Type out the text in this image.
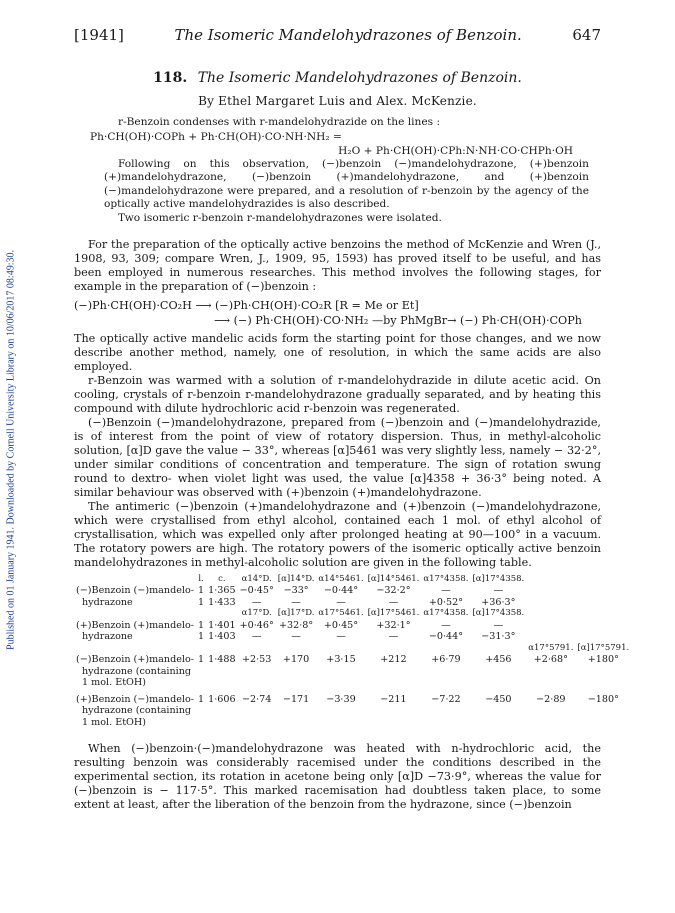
Published on 01 January 1941. Downloaded by Cornell University Library on 10/06/2017 08:49:30.
[1941]	The Isomeric Mandelohydrazones of Benzoin.	647
118. The Isomeric Mandelohydrazones of Benzoin.
By Ethel Margaret Luis and Alex. McKenzie.

r-Benzoin condenses with r-mandelohydrazide on the lines :

Ph·CH(OH)·COPh + Ph·CH(OH)·CO·NH·NH₂ =
H₂O + Ph·CH(OH)·CPh:N·NH·CO·CHPh·OH

Following on this observation, (−)benzoin (−)mandelohydrazone, (+)benzoin (+)mandelohydrazone, (−)benzoin (+)mandelohydrazone, and (+)benzoin (−)mandelohydrazone were prepared, and a resolution of r-benzoin by the agency of the optically active mandelohydrazides is also described.

Two isomeric r-benzoin r-mandelohydrazones were isolated.

For the preparation of the optically active benzoins the method of McKenzie and Wren (J., 1908, 93, 309; compare Wren, J., 1909, 95, 1593) has proved itself to be useful, and has been employed in numerous researches. This method involves the following stages, for example in the preparation of (−)benzoin :

(−)Ph·CH(OH)·CO₂H ⟶ (−)Ph·CH(OH)·CO₂R [R = Me or Et]
⟶ (−) Ph·CH(OH)·CO·NH₂ —by PhMgBr→ (−) Ph·CH(OH)·COPh

The optically active mandelic acids form the starting point for those changes, and we now describe another method, namely, one of resolution, in which the same acids are also employed.

r-Benzoin was warmed with a solution of r-mandelohydrazide in dilute acetic acid. On cooling, crystals of r-benzoin r-mandelohydrazone gradually separated, and by heating this compound with dilute hydrochloric acid r-benzoin was regenerated.

(−)Benzoin (−)mandelohydrazone, prepared from (−)benzoin and (−)mandelohydrazide, is of interest from the point of view of rotatory dispersion. Thus, in methyl-alcoholic solution, [α]D gave the value − 33°, whereas [α]5461 was very slightly less, namely − 32·2°, under similar conditions of concentration and temperature. The sign of rotation swung round to dextro- when violet light was used, the value [α]4358 + 36·3° being noted. A similar behaviour was observed with (+)benzoin (+)mandelohydrazone.

The antimeric (−)benzoin (+)mandelohydrazone and (+)benzoin (−)mandelohydrazone, which were crystallised from ethyl alcohol, contained each 1 mol. of ethyl alcohol of crystallisation, which was expelled only after prolonged heating at 90—100° in a vacuum. The rotatory powers are high. The rotatory powers of the isomeric optically active benzoin mandelohydrazones in methyl-alcoholic solution are given in the following table.

	l.	c.	α14°D.	[α]14°D.	α14°5461.	[α]14°5461.	α17°4358.	[α]17°4358.		
(−)Benzoin (−)mandelo-	1	1·365	−0·45°	−33°	−0·44°	−32·2°	—	—		
hydrazone	1	1·433	—	—	—	—	+0·52°	+36·3°		
			α17°D.	[α]17°D.	α17°5461.	[α]17°5461.	α17°4358.	[α]17°4358.		
(+)Benzoin (+)mandelo-	1	1·401	+0·46°	+32·8°	+0·45°	+32·1°	—	—		
hydrazone	1	1·403	—	—	—	—	−0·44°	−31·3°		
									α17°5791.	[α]17°5791.
(−)Benzoin (+)mandelo-	1	1·488	+2·53	+170	+3·15	+212	+6·79	+456	+2·68°	+180°
hydrazone (containing										
1 mol. EtOH)										

(+)Benzoin (−)mandelo-	1	1·606	−2·74	−171	−3·39	−211	−7·22	−450	−2·89	−180°
hydrazone (containing										
1 mol. EtOH)										

When (−)benzoin·(−)mandelohydrazone was heated with n-hydrochloric acid, the resulting benzoin was considerably racemised under the conditions described in the experimental section, its rotation in acetone being only [α]D −73·9°, whereas the value for (−)benzoin is − 117·5°. This marked racemisation had doubtless taken place, to some extent at least, after the liberation of the benzoin from the hydrazone, since (−)benzoin
